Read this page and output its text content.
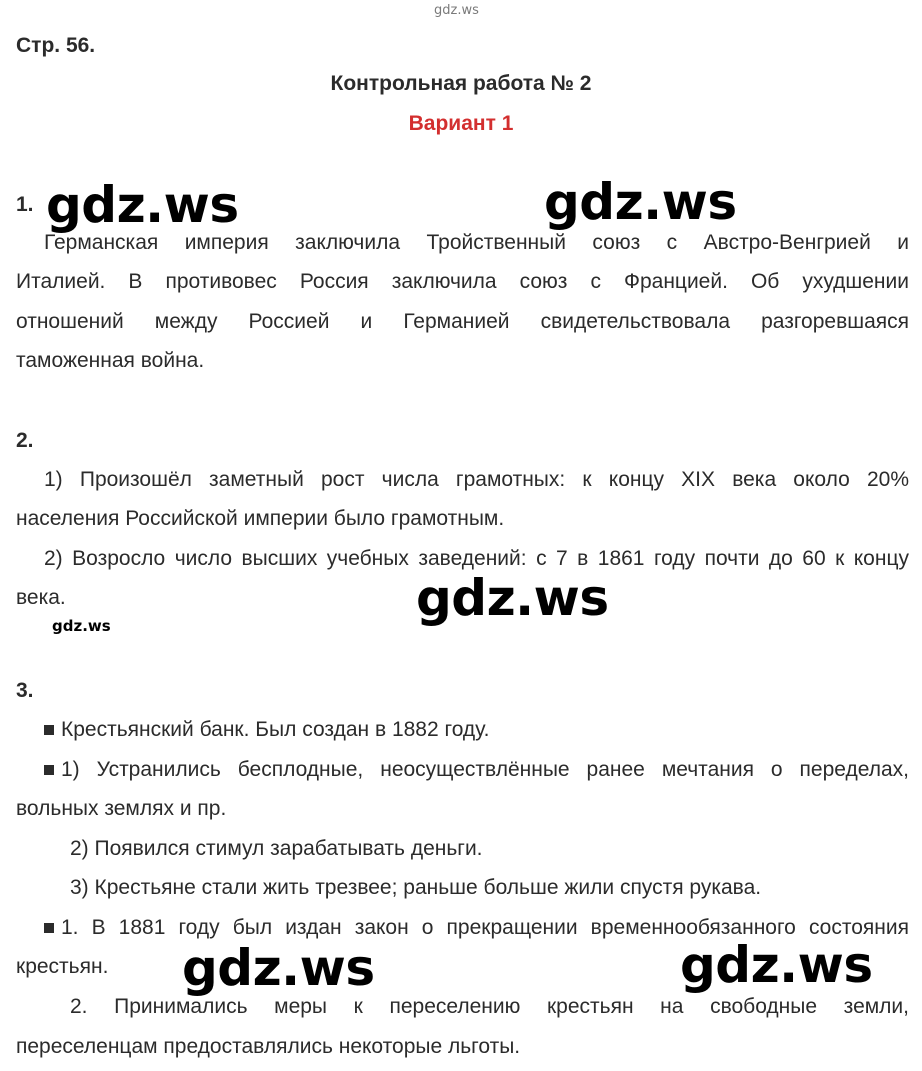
gdz.ws
Стр. 56.
Контрольная работа № 2
Вариант 1
1.
Германская империя заключила Тройственный союз с Австро-Венгрией и
Италией. В противовес Россия заключила союз с Францией. Об ухудшении
отношений между Россией и Германией свидетельствовала разгоревшаяся
таможенная война.
2.
1) Произошёл заметный рост числа грамотных: к концу XIX века около 20%
населения Российской империи было грамотным.
2) Возросло число высших учебных заведений: с 7 в 1861 году почти до 60 к концу
века.
3.
Крестьянский банк. Был создан в 1882 году.
1) Устранились бесплодные, неосуществлённые ранее мечтания о переделах,
вольных землях и пр.
2) Появился стимул зарабатывать деньги.
3) Крестьяне стали жить трезвее; раньше больше жили спустя рукава.
1. В 1881 году был издан закон о прекращении временнообязанного состояния
крестьян.
2. Принимались меры к переселению крестьян на свободные земли,
переселенцам предоставлялись некоторые льготы.
gdz.ws	gdz.ws
gdz.ws
gdz.ws
gdz.ws	gdz.ws
